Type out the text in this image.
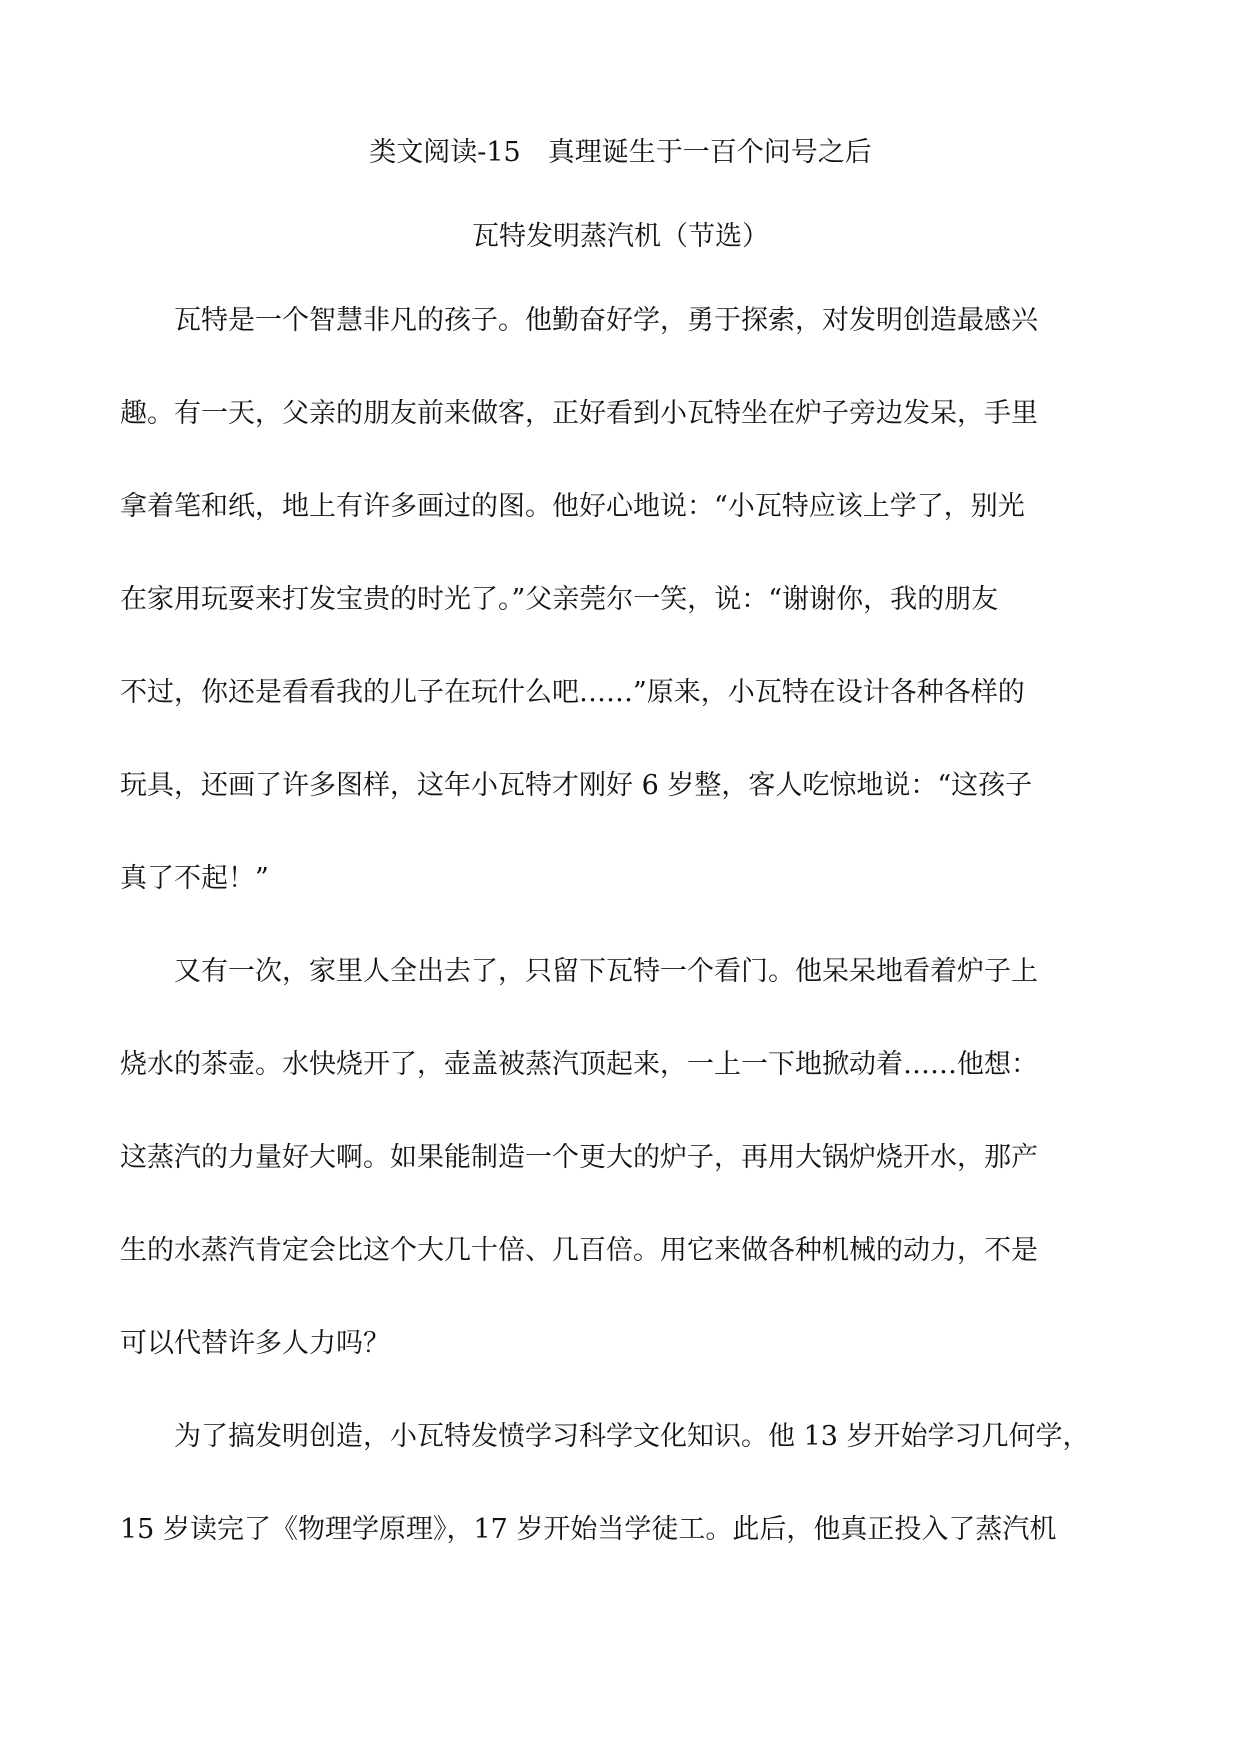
类文阅读-15　真理诞生于一百个问号之后
瓦特发明蒸汽机（节选）
瓦特是一个智慧非凡的孩子。他勤奋好学，勇于探索，对发明创造最感兴
趣。有一天，父亲的朋友前来做客，正好看到小瓦特坐在炉子旁边发呆，手里
拿着笔和纸，地上有许多画过的图。他好心地说：“小瓦特应该上学了，别光
在家用玩耍来打发宝贵的时光了。”父亲莞尔一笑，说：“谢谢你，我的朋友
不过，你还是看看我的儿子在玩什么吧……”原来，小瓦特在设计各种各样的
玩具，还画了许多图样，这年小瓦特才刚好 6 岁整，客人吃惊地说：“这孩子
真了不起！”
又有一次，家里人全出去了，只留下瓦特一个看门。他呆呆地看着炉子上
烧水的茶壶。水快烧开了，壶盖被蒸汽顶起来，一上一下地掀动着……他想：
这蒸汽的力量好大啊。如果能制造一个更大的炉子，再用大锅炉烧开水，那产
生的水蒸汽肯定会比这个大几十倍、几百倍。用它来做各种机械的动力，不是
可以代替许多人力吗？
为了搞发明创造，小瓦特发愤学习科学文化知识。他 13 岁开始学习几何学，
15 岁读完了《物理学原理》，17 岁开始当学徒工。此后，他真正投入了蒸汽机
